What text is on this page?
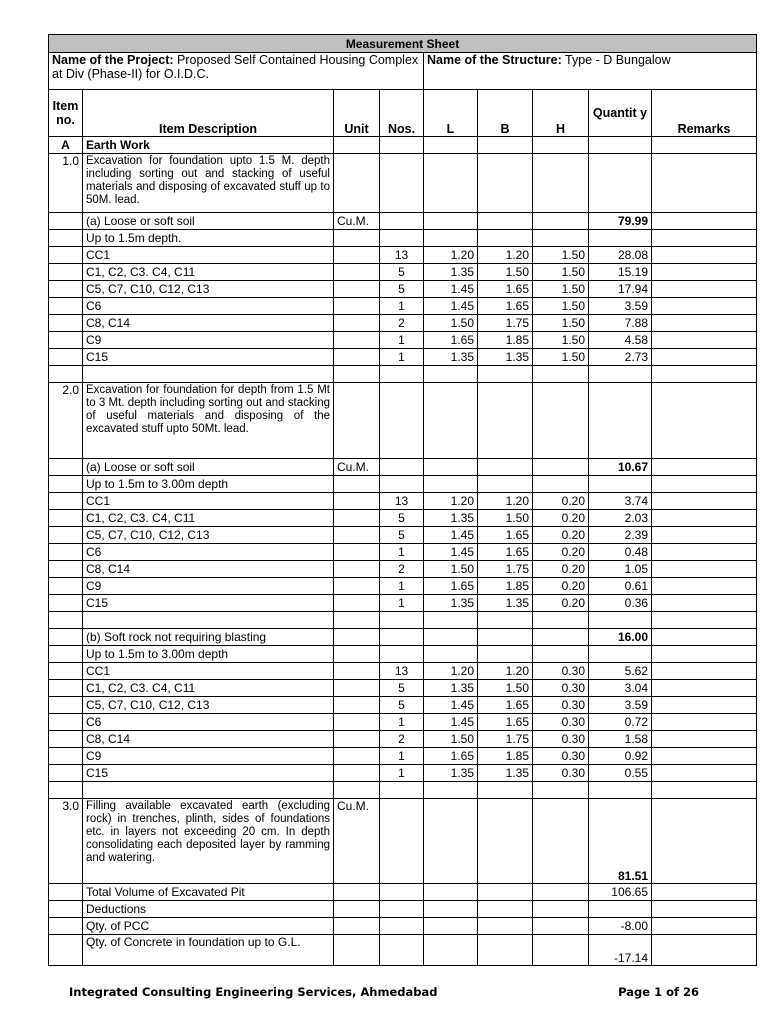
Measurement Sheet								
Name of the Project: Proposed Self Contained Housing Complex at Div (Phase-II) for O.I.D.C.				Name of the Structure: Type - D Bungalow				
Item no.	Item Description	Unit	Nos.	L	B	H	Quantit y	Remarks
A	Earth Work							
1.0	Excavation for foundation upto 1.5 M. depth including sorting out and stacking of useful materials and disposing of excavated stuff up to 50M. lead.							
	(a) Loose or soft soil	Cu.M.					79.99	
	Up to 1.5m depth.							
	CC1		13	1.20	1.20	1.50	28.08	
	C1, C2, C3. C4, C11		5	1.35	1.50	1.50	15.19	
	C5, C7, C10, C12, C13		5	1.45	1.65	1.50	17.94	
	C6		1	1.45	1.65	1.50	3.59	
	C8, C14		2	1.50	1.75	1.50	7.88	
	C9		1	1.65	1.85	1.50	4.58	
	C15		1	1.35	1.35	1.50	2.73	

2.0	Excavation for foundation for depth from 1.5 Mt to 3 Mt. depth including sorting out and stacking of useful materials and disposing of the excavated stuff upto 50Mt. lead.							
	(a) Loose or soft soil	Cu.M.					10.67	
	Up to 1.5m to 3.00m depth							
	CC1		13	1.20	1.20	0.20	3.74	
	C1, C2, C3. C4, C11		5	1.35	1.50	0.20	2.03	
	C5, C7, C10, C12, C13		5	1.45	1.65	0.20	2.39	
	C6		1	1.45	1.65	0.20	0.48	
	C8, C14		2	1.50	1.75	0.20	1.05	
	C9		1	1.65	1.85	0.20	0.61	
	C15		1	1.35	1.35	0.20	0.36	

	(b) Soft rock not requiring blasting						16.00	
	Up to 1.5m to 3.00m depth							
	CC1		13	1.20	1.20	0.30	5.62	
	C1, C2, C3. C4, C11		5	1.35	1.50	0.30	3.04	
	C5, C7, C10, C12, C13		5	1.45	1.65	0.30	3.59	
	C6		1	1.45	1.65	0.30	0.72	
	C8, C14		2	1.50	1.75	0.30	1.58	
	C9		1	1.65	1.85	0.30	0.92	
	C15		1	1.35	1.35	0.30	0.55	

3.0	Filling available excavated earth (excluding rock) in trenches, plinth, sides of foundations etc. in layers not exceeding 20 cm. In depth consolidating each deposited layer by ramming and watering.	Cu.M.					81.51	
	Total Volume of Excavated Pit						106.65	
	Deductions							
	Qty. of PCC						-8.00	
	Qty. of Concrete in foundation up to G.L.						-17.14	
Integrated Consulting Engineering Services, Ahmedabad	Page 1 of 26
